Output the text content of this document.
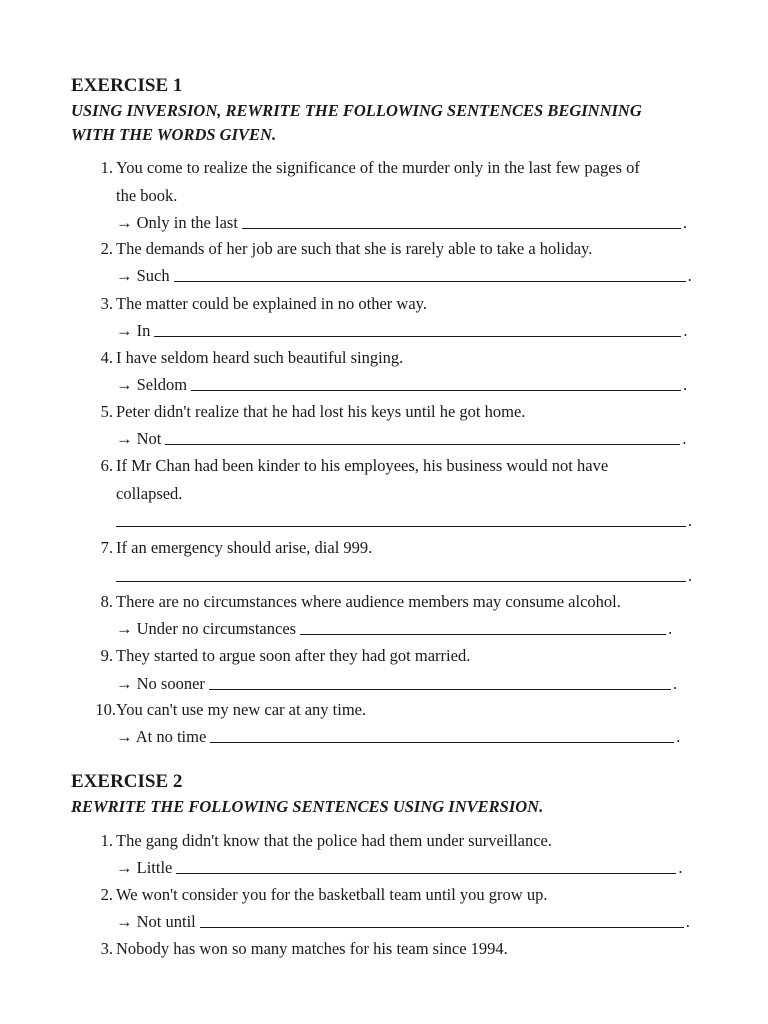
EXERCISE 1
USING INVERSION, REWRITE THE FOLLOWING SENTENCES BEGINNING
WITH THE WORDS GIVEN.
1. You come to realize the significance of the murder only in the last few pages of
the book.
→ Only in the last	.
2. The demands of her job are such that she is rarely able to take a holiday.
→ Such	.
3. The matter could be explained in no other way.
→ In	.
4. I have seldom heard such beautiful singing.
→ Seldom	.
5. Peter didn't realize that he had lost his keys until he got home.
→ Not	.
6. If Mr Chan had been kinder to his employees, his business would not have
collapsed.
.
7. If an emergency should arise, dial 999.
.
8. There are no circumstances where audience members may consume alcohol.
→ Under no circumstances	.
9. They started to argue soon after they had got married.
→ No sooner	.
10. You can't use my new car at any time.
→ At no time	.
EXERCISE 2
REWRITE THE FOLLOWING SENTENCES USING INVERSION.
1. The gang didn't know that the police had them under surveillance.
→ Little	.
2. We won't consider you for the basketball team until you grow up.
→ Not until	.
3. Nobody has won so many matches for his team since 1994.
